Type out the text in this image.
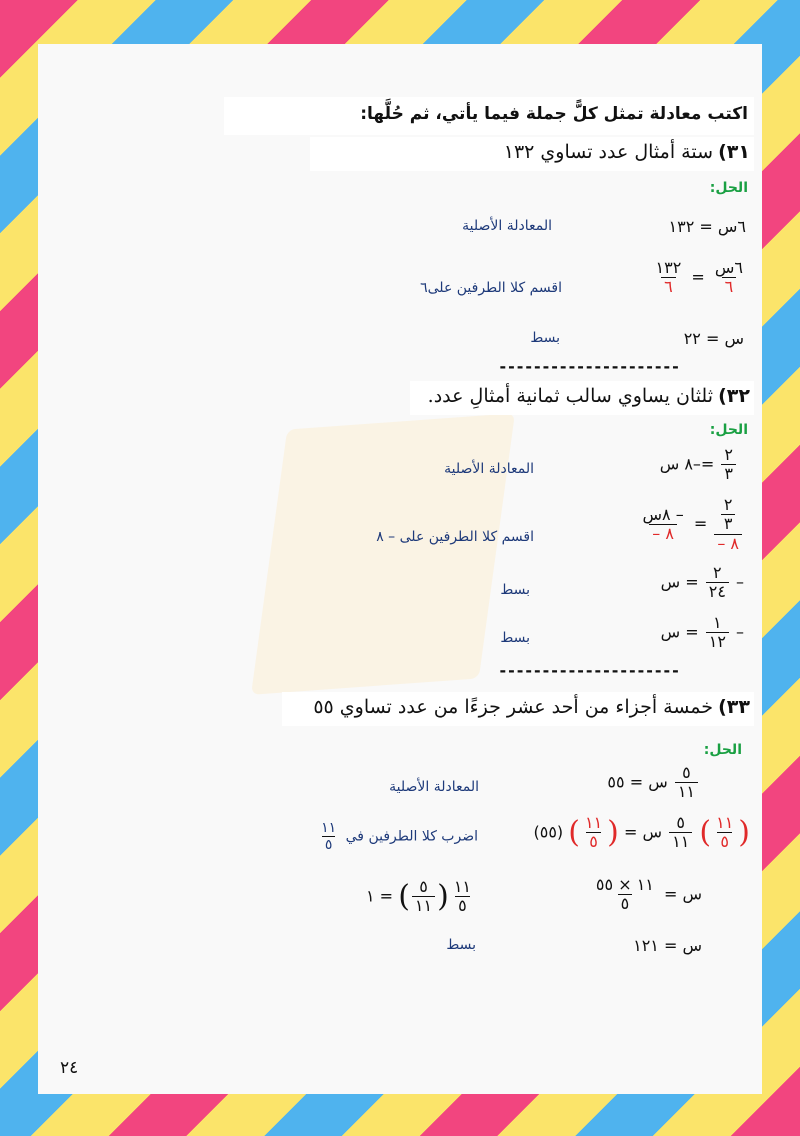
اكتب معادلة تمثل كلًّ جملة فيما يأتي، ثم حُلَّها:
٣١) ستة أمثال عدد تساوي ١٣٢
الحل:
٦س = ١٣٢
المعادلة الأصلية
$\frac{\text{٦س}}{٦}$
=
$\frac{١٣٢}{٦}$
اقسم كلا الطرفين على٦
س = ٢٢
بسط
---------------------
٣٢) ثلثان يساوي سالب ثمانية أمثالِ عدد.
الحل:
$\frac{٢}{٣}$
=–٨ س
المعادلة الأصلية
$\frac{\frac{٢}{٣}}{٨ -}$
=
$\frac{\text{– ٨س}}{٨ -}$
اقسم كلا الطرفين على – ٨
–
$\frac{٢}{٢٤}$
= س
بسط
–
$\frac{١}{١٢}$
= س
بسط
---------------------
٣٣) خمسة أجزاء من أحد عشر جزءًا من عدد تساوي ٥٥
الحل:
$\frac{٥}{١١}$
س = ٥٥
المعادلة الأصلية
(
$\frac{١١}{٥}$
)
$\frac{٥}{١١}$
س = (
$\frac{١١}{٥}$
) (٥٥)
اضرب كلا الطرفين في
$\frac{١١}{٥}$
س =
$\frac{١١ \times ٥٥}{٥}$
$\frac{١١}{٥}$
(
$\frac{٥}{١١}$
) = ١
س = ١٢١
بسط
٢٤
